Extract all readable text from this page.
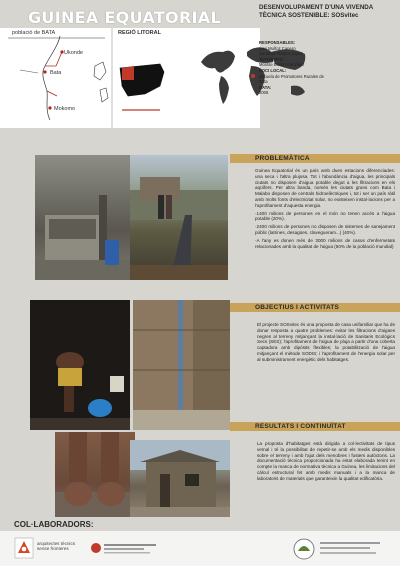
GUINEA EQUATORIAL
DESENVOLUPAMENT D'UNA VIVENDA
TÈCNICA SOSTENIBLE: SOSvitec
població de BATA	REGIÓ LITORAL
Ukonde
Bata
Mokomo
RESPONSABLES:
Ivan Muñoz Canero
Jonathan Ramos López
TUTOR PFC:
Montse Bosch González
SOCI LOCAL:
Escuela de Promotores Rurales de Bata
DATA:
2006
PROBLEMÀTICA

Guinea Equatorial és un país amb dues estacions diferenciades: una seca i l'altra plujosa. Tot i l'abundància d'aigua, les principals ciutats no disposen d'aigua potable degut a les filtracions en els aqüífers. Per altra banda, només les ciutats grans com Bata i Malabo disposen de centrals hidroelèctriques i, tot i ser un país ràtil amb molts fonts d'electricitat solar, no existeixen instal·lacions per a l'aprofitament d'aquesta energia.

·1400 milions de persones en el món no tenen accés a l'aigua potable (20%).

·2400 milions de persones no disposen de sistemes de sanejament públic (latrines, desagües, clavegueram...) (40%).

·A l'any es donen més de 3000 milions de casos d'enfermetats relacionades amb la qualitat de l'aigua (50% de la població mundial)

OBJECTIUS I ACTIVITATS

El projecte SOSvitec és una proposta de casa unifamiliar que ha de donar resposta a quatre problemes: evitar les filtracions d'aigües negres al terreny mitjançant la instal·lació de Sanitaris Ecològics Secs (SES); l'aprofitament de l'aigua de pluja a partir d'una coberta captadora amb dipòsits flexibles; la potabilització de l'aigua mitjançant el mètode SODIS; i l'aprofitament de l'energia solar per al subministrament energètic dels habitatges.

RESULTATS I CONTINUÏTAT

La proposta d'habitatges està dirigida a col·lectivitats de tipus veïnal i té la possibilitat de repetir-se amb els medis disponibles sobre el terreny i amb l'ajut dels menobres i fusters autòctons. La documentació tècnica proporcionada ha estat elaborada tenint en compte la manca de normativa tècnica a Guinea, les limitacions del càlcul estructural fet amb medis manuals i a la manca de laboratoris de materials que garanteixin la qualitat edificatòria.

COL·LABORADORS:
arquitectes tècnics
sense fronteres
